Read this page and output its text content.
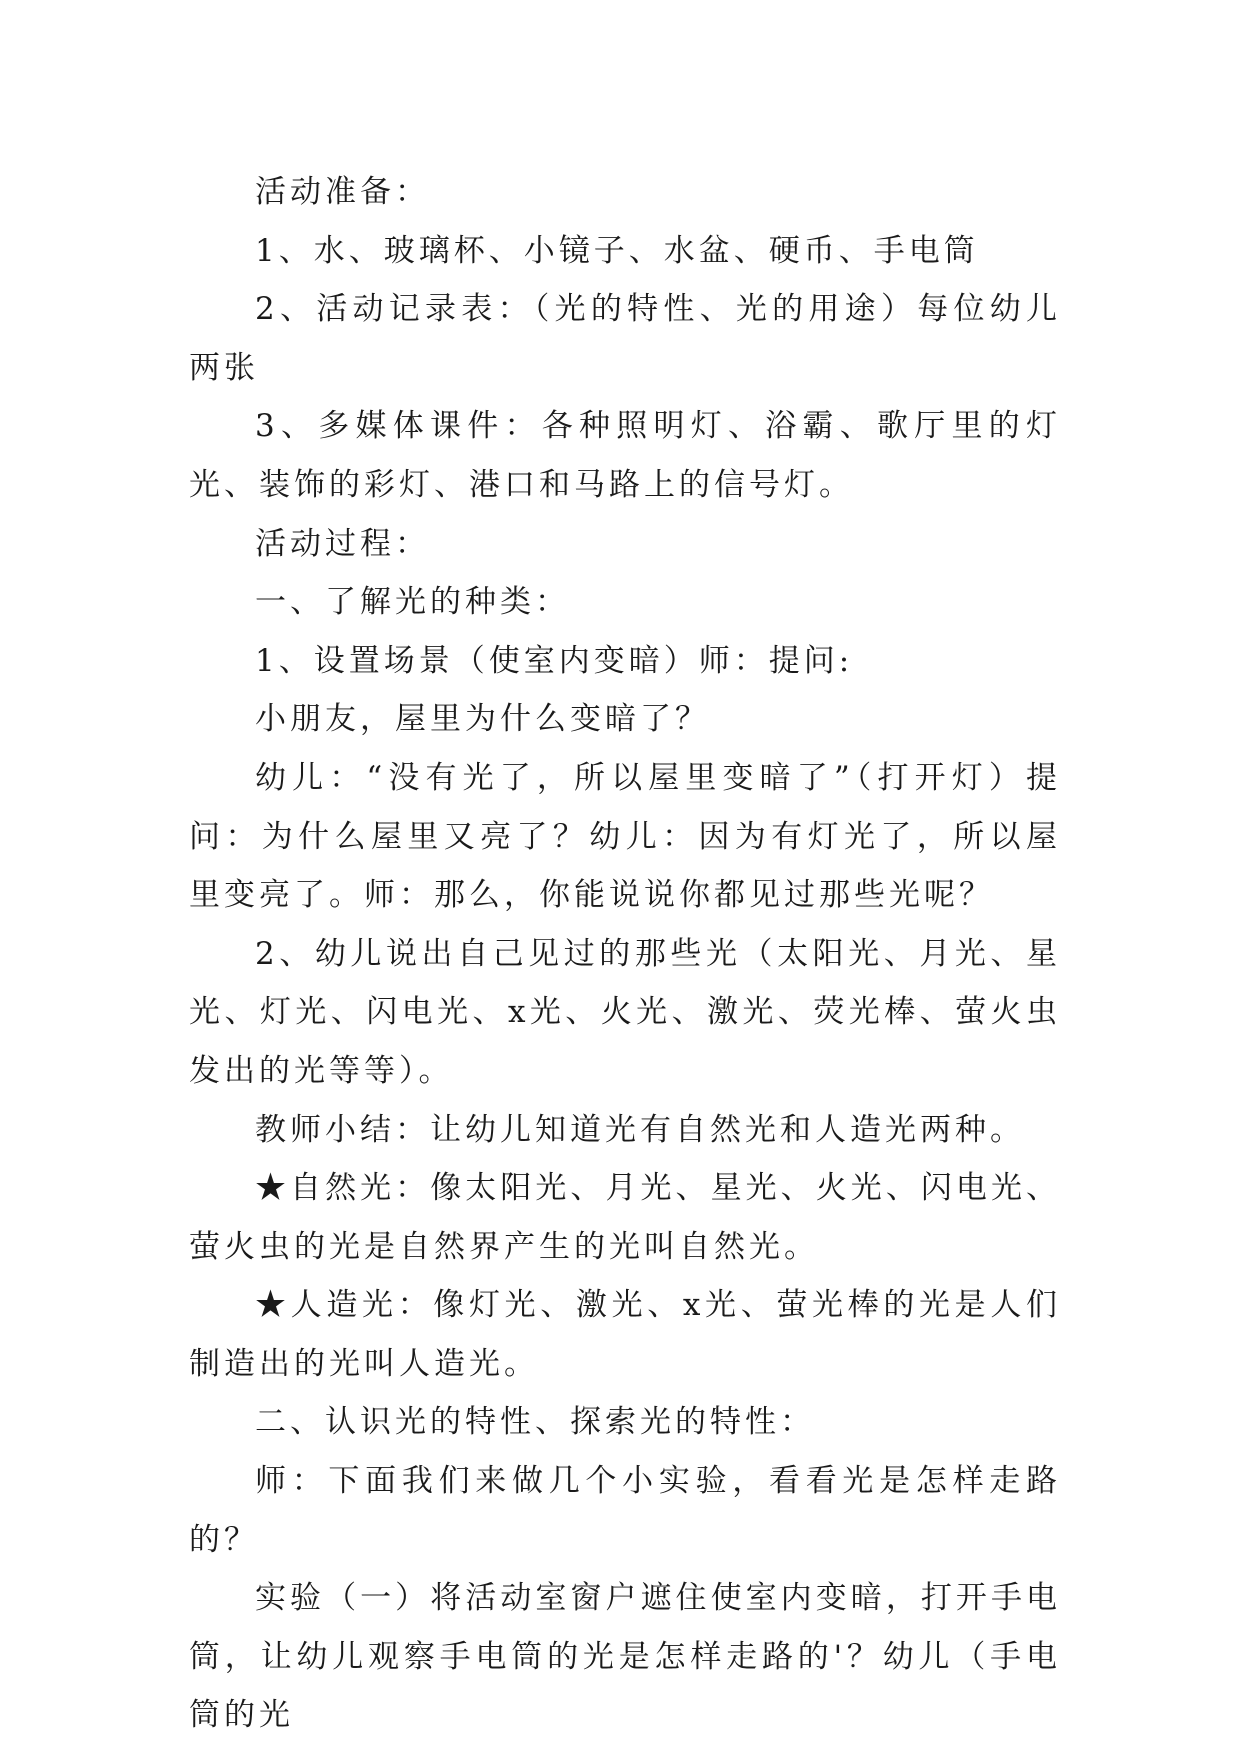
活动准备：

1、水、玻璃杯、小镜子、水盆、硬币、手电筒

2、活动记录表：（光的特性、光的用途）每位幼儿两张

3、多媒体课件：各种照明灯、浴霸、歌厅里的灯光、装饰的彩灯、港口和马路上的信号灯。

活动过程：

一、了解光的种类：

1、设置场景（使室内变暗）师：提问:

小朋友，屋里为什么变暗了？

幼儿：“没有光了，所以屋里变暗了”（打开灯）提问：为什么屋里又亮了？幼儿：因为有灯光了，所以屋里变亮了。师：那么，你能说说你都见过那些光呢？

2、幼儿说出自己见过的那些光（太阳光、月光、星光、灯光、闪电光、x光、火光、激光、荧光棒、萤火虫发出的光等等）。

教师小结：让幼儿知道光有自然光和人造光两种。

★自然光：像太阳光、月光、星光、火光、闪电光、萤火虫的光是自然界产生的光叫自然光。

★人造光：像灯光、激光、x光、萤光棒的光是人们制造出的光叫人造光。

二、认识光的特性、探索光的特性：

师：下面我们来做几个小实验，看看光是怎样走路的？

实验（一）将活动室窗户遮住使室内变暗，打开手电筒，让幼儿观察手电筒的光是怎样走路的'？幼儿（手电筒的光
